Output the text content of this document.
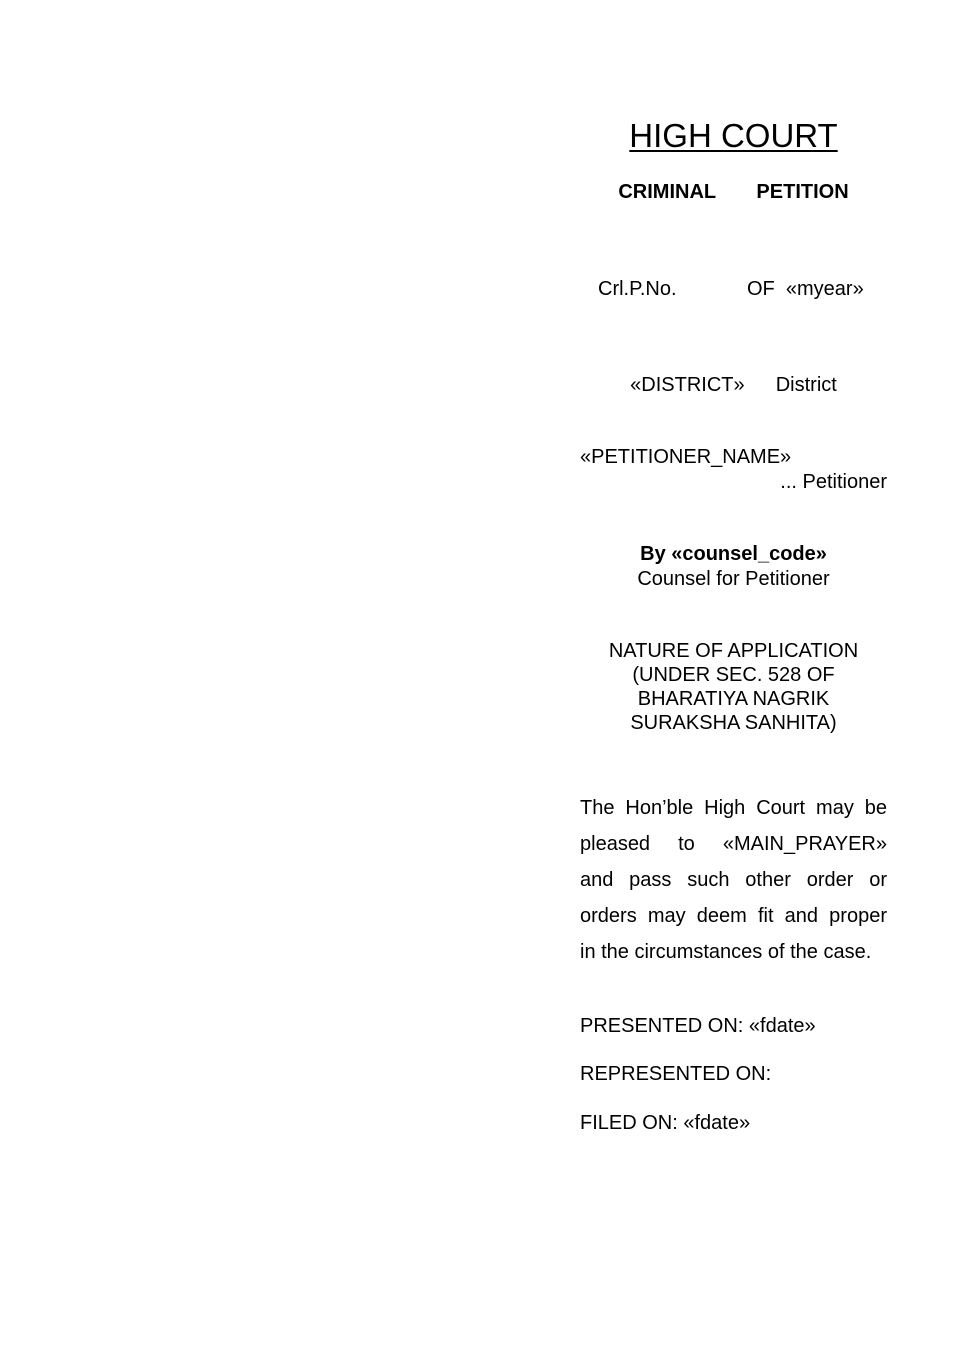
HIGH COURT
CRIMINAL   PETITION
Crl.P.No.	OF  «myear»
«DISTRICT»  District
«PETITIONER_NAME»
... Petitioner
By «counsel_code»
Counsel for Petitioner
NATURE OF APPLICATION
(UNDER SEC. 528 OF
BHARATIYA NAGRIK
SURAKSHA SANHITA)
The Hon’ble High Court may be
pleased to «MAIN_PRAYER»
and pass such other order or
orders may deem fit and proper
in the circumstances of the case.
PRESENTED ON: «fdate»
REPRESENTED ON:
FILED ON: «fdate»
